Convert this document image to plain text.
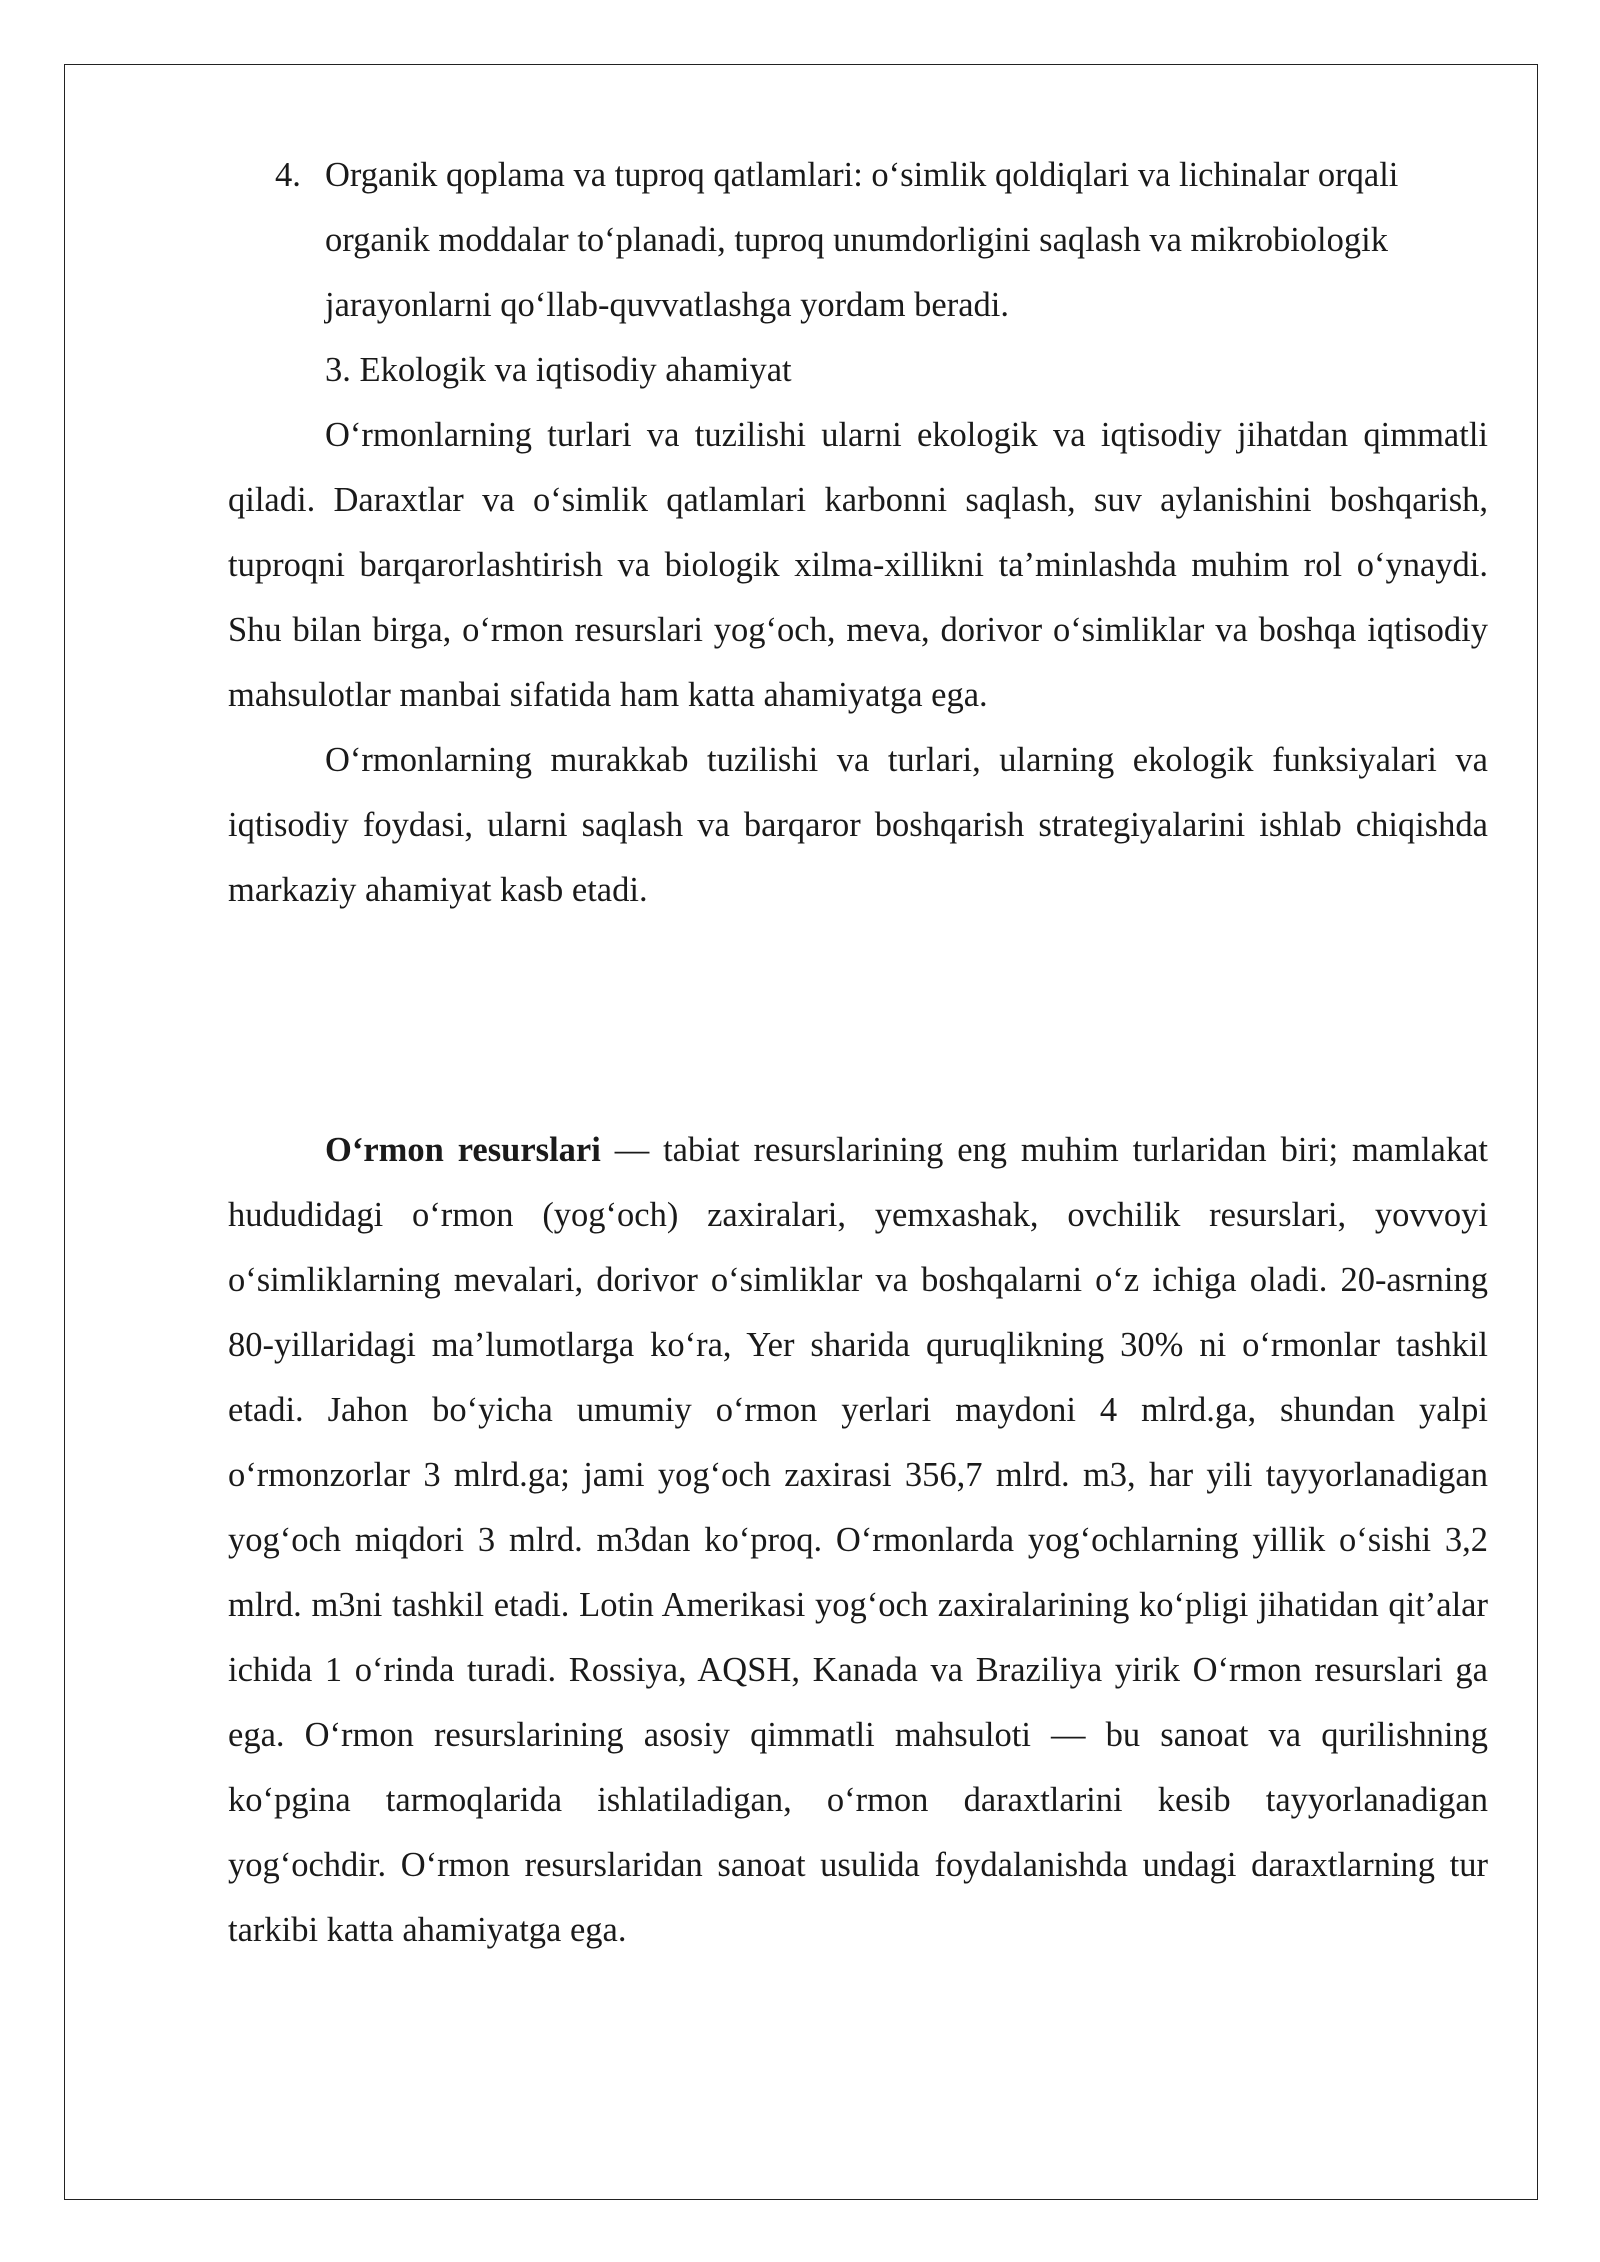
4. Organik qoplama va tuproq qatlamlari: o‘simlik qoldiqlari va lichinalar orqali organik moddalar to‘planadi, tuproq unumdorligini saqlash va mikrobiologik jarayonlarni qo‘llab-quvvatlashga yordam beradi.
3. Ekologik va iqtisodiy ahamiyat

O‘rmonlarning turlari va tuzilishi ularni ekologik va iqtisodiy jihatdan qimmatli qiladi. Daraxtlar va o‘simlik qatlamlari karbonni saqlash, suv aylanishini boshqarish, tuproqni barqarorlashtirish va biologik xilma-xillikni ta’minlashda muhim rol o‘ynaydi. Shu bilan birga, o‘rmon resurslari yog‘och, meva, dorivor o‘simliklar va boshqa iqtisodiy mahsulotlar manbai sifatida ham katta ahamiyatga ega.

O‘rmonlarning murakkab tuzilishi va turlari, ularning ekologik funksiyalari va iqtisodiy foydasi, ularni saqlash va barqaror boshqarish strategiyalarini ishlab chiqishda markaziy ahamiyat kasb etadi.

O‘rmon resurslari — tabiat resurslarining eng muhim turlaridan biri; mamlakat hududidagi o‘rmon (yog‘och) zaxiralari, yemxashak, ovchilik resurslari, yovvoyi o‘simliklarning mevalari, dorivor o‘simliklar va boshqalarni o‘z ichiga oladi. 20-asrning 80-yillaridagi ma’lumotlarga ko‘ra, Yer sharida quruqlikning 30% ni o‘rmonlar tashkil etadi. Jahon bo‘yicha umumiy o‘rmon yerlari maydoni 4 mlrd.ga, shundan yalpi o‘rmonzorlar 3 mlrd.ga; jami yog‘och zaxirasi 356,7 mlrd. m3, har yili tayyorlanadigan yog‘och miqdori 3 mlrd. m3dan ko‘proq. O‘rmonlarda yog‘ochlarning yillik o‘sishi 3,2 mlrd. m3ni tashkil etadi. Lotin Amerikasi yog‘och zaxiralarining ko‘pligi jihatidan qit’alar ichida 1 o‘rinda turadi. Rossiya, AQSH, Kanada va Braziliya yirik O‘rmon resurslari ga ega. O‘rmon resurslarining asosiy qimmatli mahsuloti — bu sanoat va qurilishning ko‘pgina tarmoqlarida ishlatiladigan, o‘rmon daraxtlarini kesib tayyorlanadigan yog‘ochdir. O‘rmon resurslaridan sanoat usulida foydalanishda undagi daraxtlarning tur tarkibi katta ahamiyatga ega.
